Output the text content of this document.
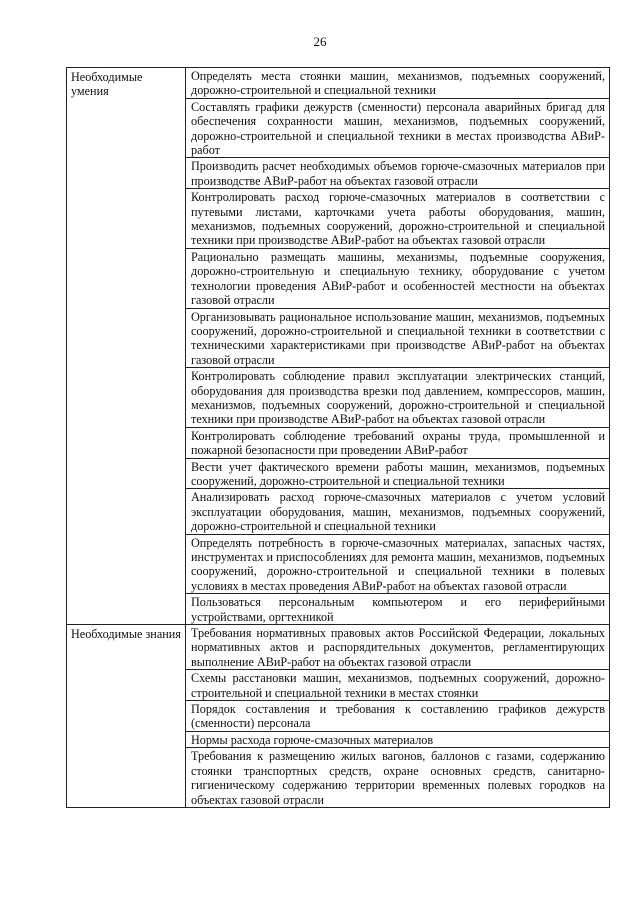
26
Необходимые умения	Определять места стоянки машин, механизмов, подъемных сооружений, дорожно-строительной и специальной техники
	Составлять графики дежурств (сменности) персонала аварийных бригад для обеспечения сохранности машин, механизмов, подъемных сооружений, дорожно-строительной и специальной техники в местах производства АВиР-работ
	Производить расчет необходимых объемов горюче-смазочных материалов при производстве АВиР-работ на объектах газовой отрасли
	Контролировать расход горюче-смазочных материалов в соответствии с путевыми листами, карточками учета работы оборудования, машин, механизмов, подъемных сооружений, дорожно-строительной и специальной техники при производстве АВиР-работ на объектах газовой отрасли
	Рационально размещать машины, механизмы, подъемные сооружения, дорожно-строительную и специальную технику, оборудование с учетом технологии проведения АВиР-работ и особенностей местности на объектах газовой отрасли
	Организовывать рациональное использование машин, механизмов, подъемных сооружений, дорожно-строительной и специальной техники в соответствии с техническими характеристиками при производстве АВиР-работ на объектах газовой отрасли
	Контролировать соблюдение правил эксплуатации электрических станций, оборудования для производства врезки под давлением, компрессоров, машин, механизмов, подъемных сооружений, дорожно-строительной и специальной техники при производстве АВиР-работ на объектах газовой отрасли
	Контролировать соблюдение требований охраны труда, промышленной и пожарной безопасности при проведении АВиР-работ
	Вести учет фактического времени работы машин, механизмов, подъемных сооружений, дорожно-строительной и специальной техники
	Анализировать расход горюче-смазочных материалов с учетом условий эксплуатации оборудования, машин, механизмов, подъемных сооружений, дорожно-строительной и специальной техники
	Определять потребность в горюче-смазочных материалах, запасных частях, инструментах и приспособлениях для ремонта машин, механизмов, подъемных сооружений, дорожно-строительной и специальной техники в полевых условиях в местах проведения АВиР-работ на объектах газовой отрасли
	Пользоваться персональным компьютером и его периферийными устройствами, оргтехникой
Необходимые знания	Требования нормативных правовых актов Российской Федерации, локальных нормативных актов и распорядительных документов, регламентирующих выполнение АВиР-работ на объектах газовой отрасли
	Схемы расстановки машин, механизмов, подъемных сооружений, дорожно-строительной и специальной техники в местах стоянки
	Порядок составления и требования к составлению графиков дежурств (сменности) персонала
	Нормы расхода горюче-смазочных материалов
	Требования к размещению жилых вагонов, баллонов с газами, содержанию стоянки транспортных средств, охране основных средств, санитарно-гигиеническому содержанию территории временных полевых городков на объектах газовой отрасли
